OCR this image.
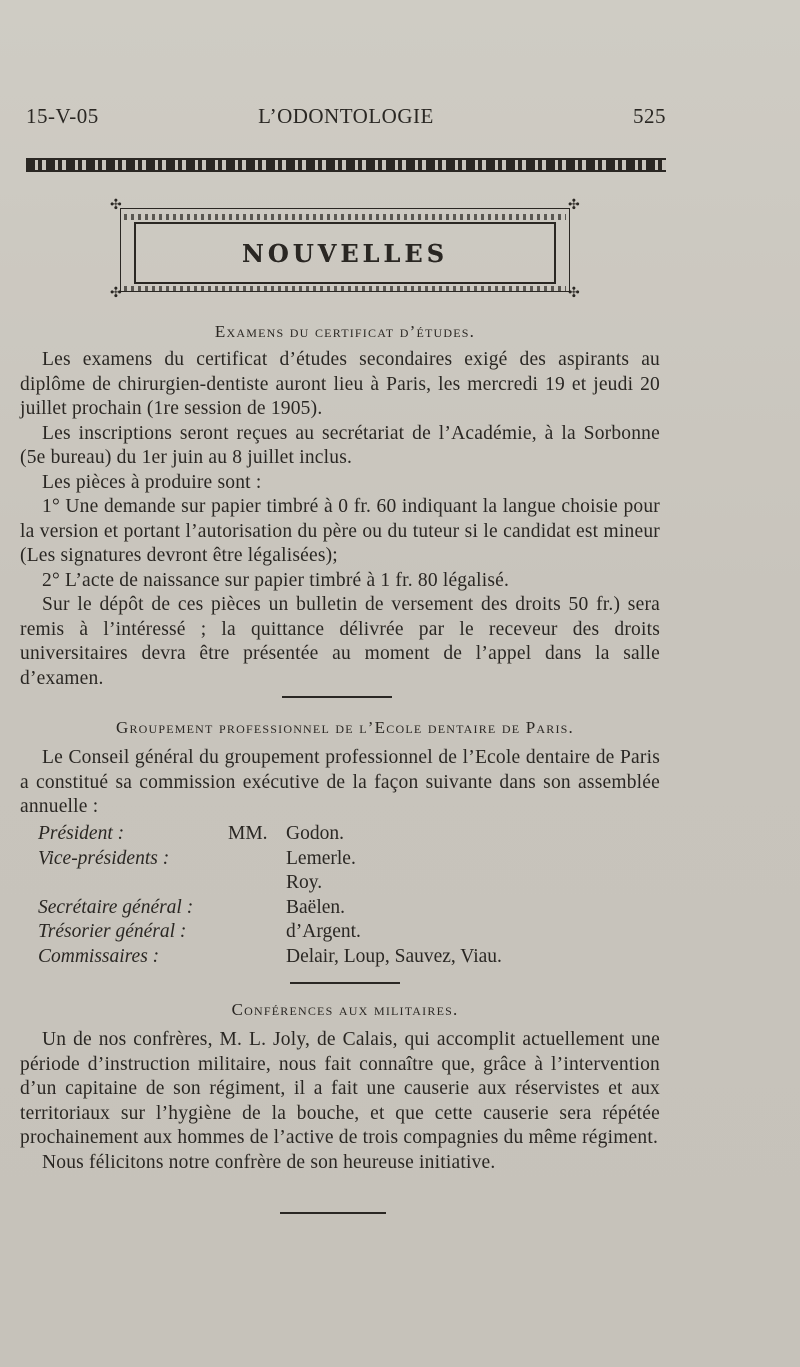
15-V-05	L’ODONTOLOGIE	525
✣	✣
✣	✣
NOUVELLES
Examens du certificat d’études.

Les examens du certificat d’études secondaires exigé des aspirants au diplôme de chirurgien-dentiste auront lieu à Paris, les mercredi 19 et jeudi 20 juillet prochain (1re session de 1905).

Les inscriptions seront reçues au secrétariat de l’Académie, à la Sorbonne (5e bureau) du 1er juin au 8 juillet inclus.

Les pièces à produire sont :

1° Une demande sur papier timbré à 0 fr. 60 indiquant la langue choisie pour la version et portant l’autorisation du père ou du tuteur si le candidat est mineur (Les signatures devront être légalisées);

2° L’acte de naissance sur papier timbré à 1 fr. 80 légalisé.

Sur le dépôt de ces pièces un bulletin de versement des droits 50 fr.) sera remis à l’intéressé ; la quittance délivrée par le receveur des droits universitaires devra être présentée au moment de l’appel dans la salle d’examen.

Groupement professionnel de l’Ecole dentaire de Paris.

Le Conseil général du groupement professionnel de l’Ecole dentaire de Paris a constitué sa commission exécutive de la façon suivante dans son assemblée annuelle :

Président :	MM. Godon.
Vice-présidents :	Lemerle.
Roy.
Secrétaire général :	Baëlen.
Trésorier général :	d’Argent.
Commissaires :	Delair, Loup, Sauvez, Viau.
Conférences aux militaires.

Un de nos confrères, M. L. Joly, de Calais, qui accomplit actuellement une période d’instruction militaire, nous fait connaître que, grâce à l’intervention d’un capitaine de son régiment, il a fait une causerie aux réservistes et aux territoriaux sur l’hygiène de la bouche, et que cette causerie sera répétée prochainement aux hommes de l’active de trois compagnies du même régiment.

Nous félicitons notre confrère de son heureuse initiative.
